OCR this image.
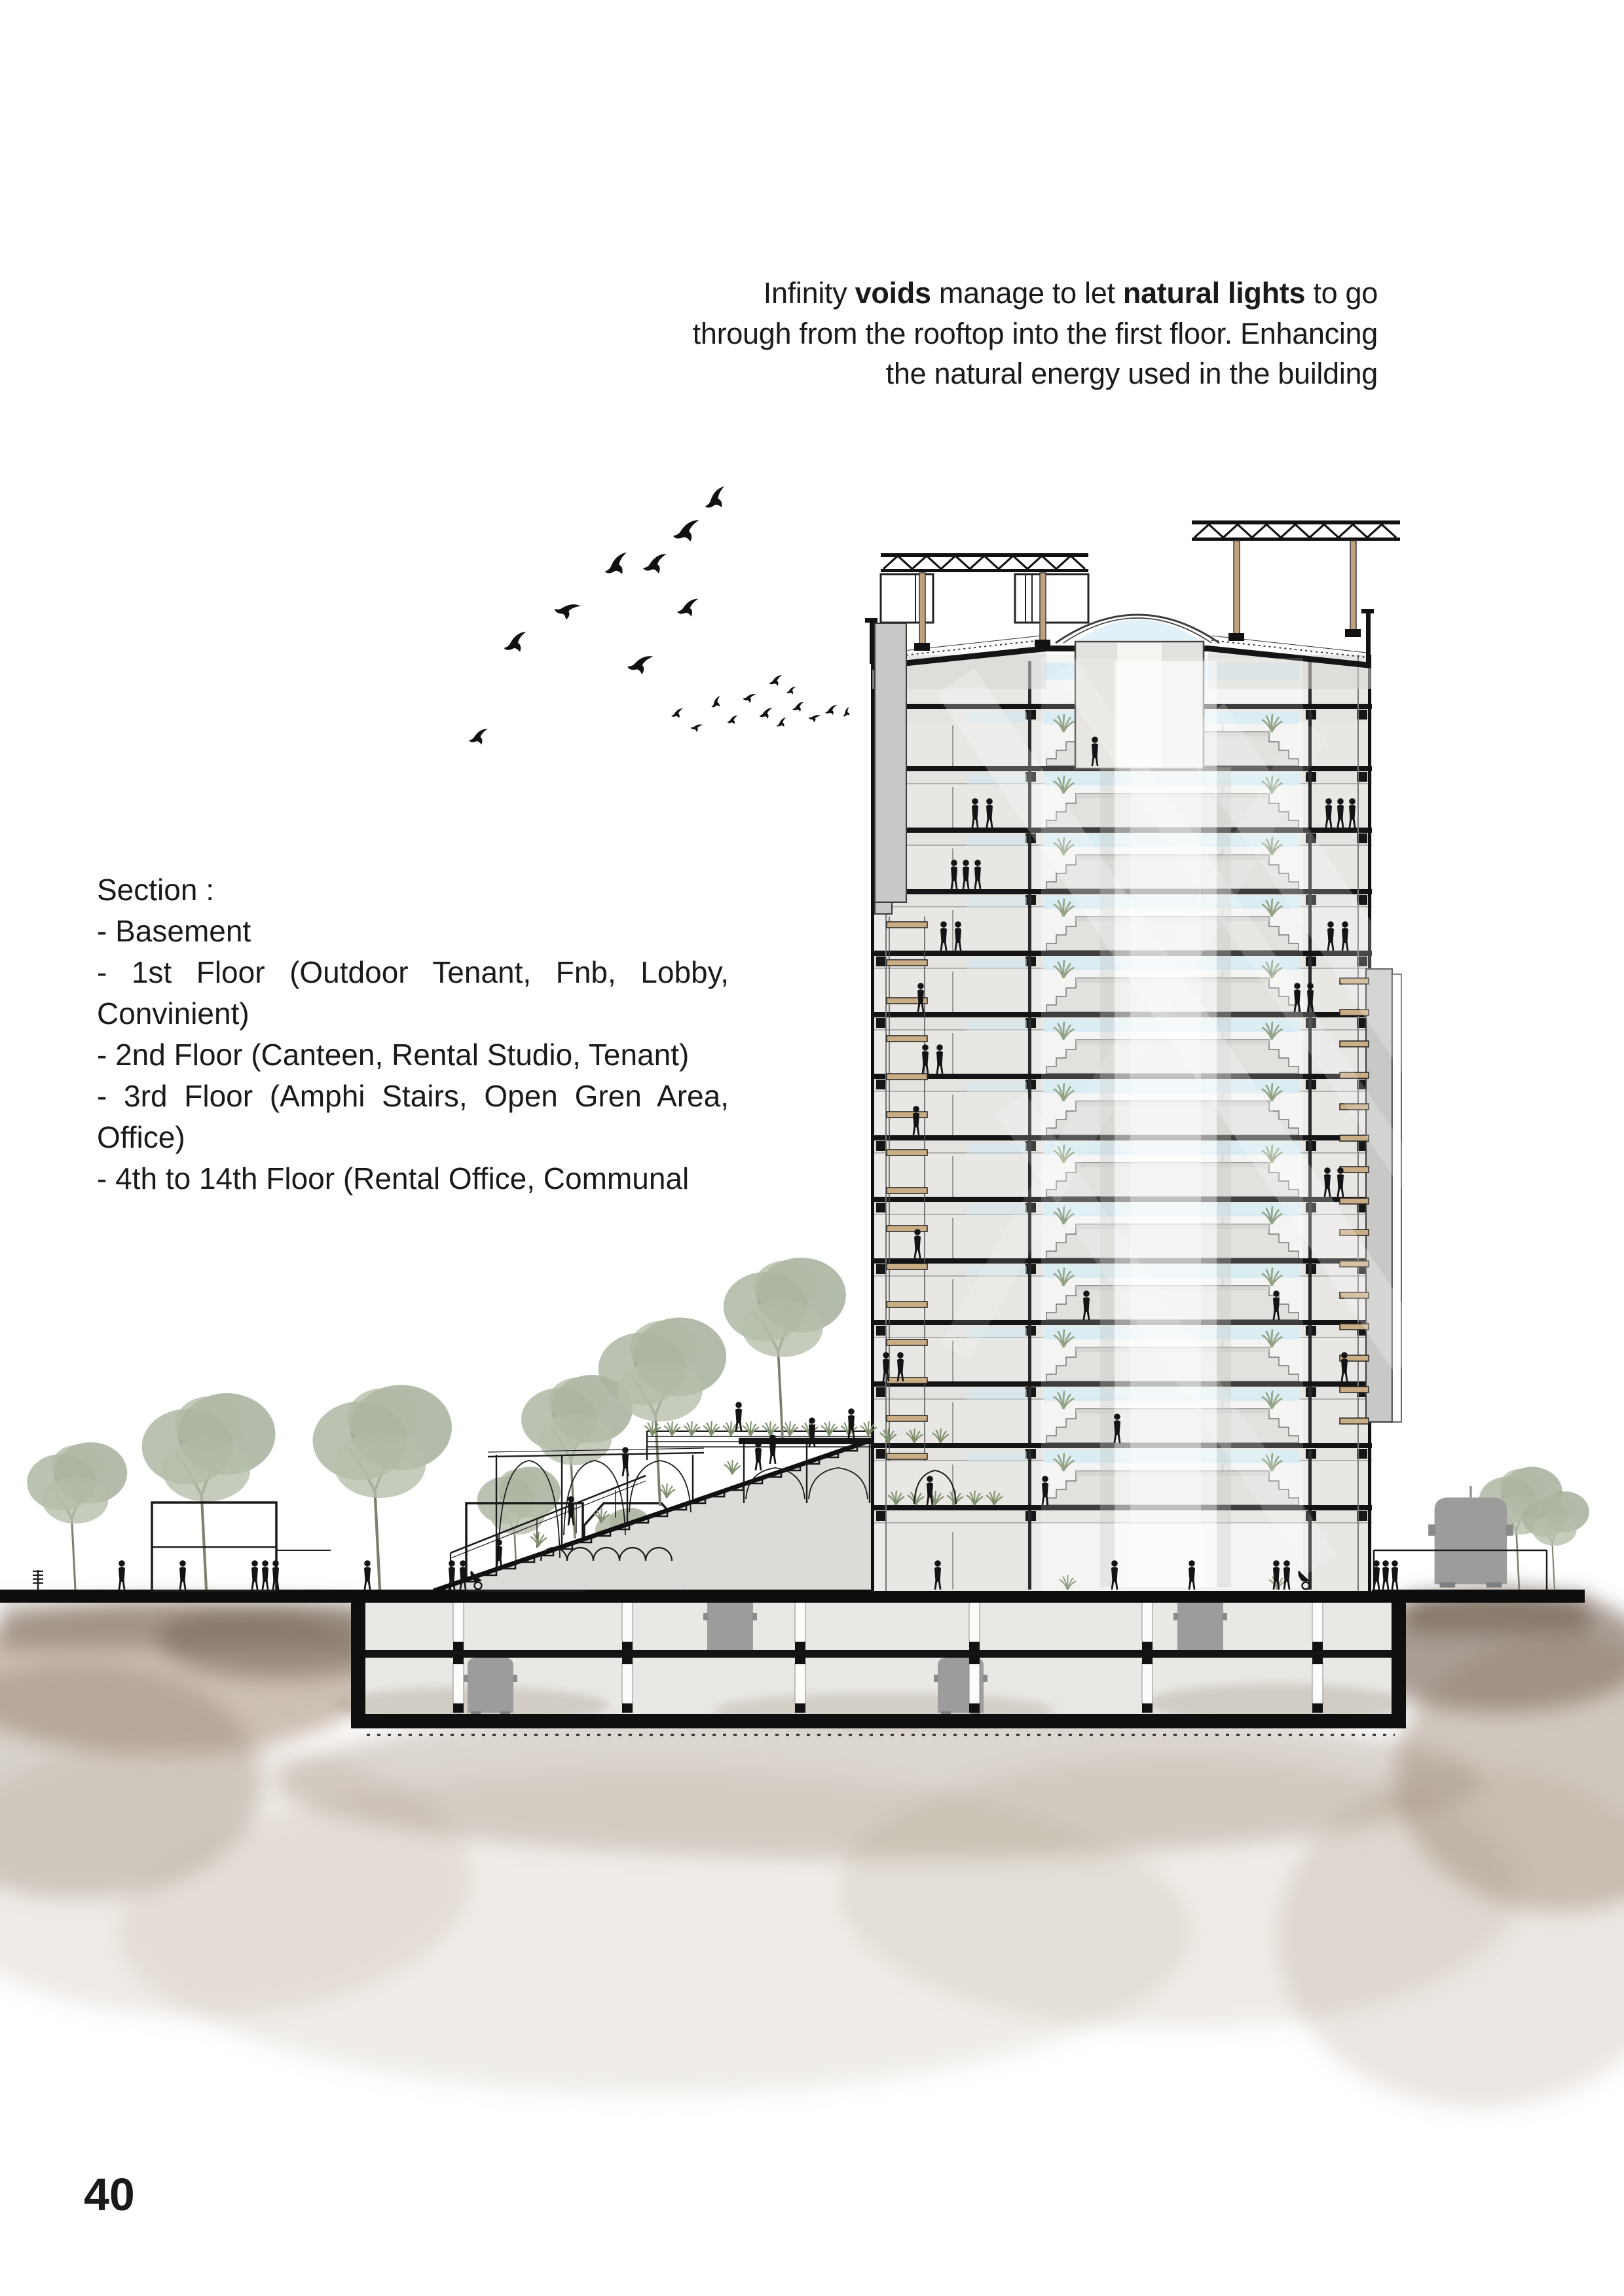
Infinity voids manage to let natural lights to go through from the rooftop into the first floor. Enhancing the natural energy used in the building

Section :
- Basement
- 1st Floor (Outdoor Tenant, Fnb, Lobby, Convinient)
- 2nd Floor (Canteen, Rental Studio, Tenant)
- 3rd Floor (Amphi Stairs, Open Gren Area, Office)
- 4th to 14th Floor (Rental Office, Communal
40
